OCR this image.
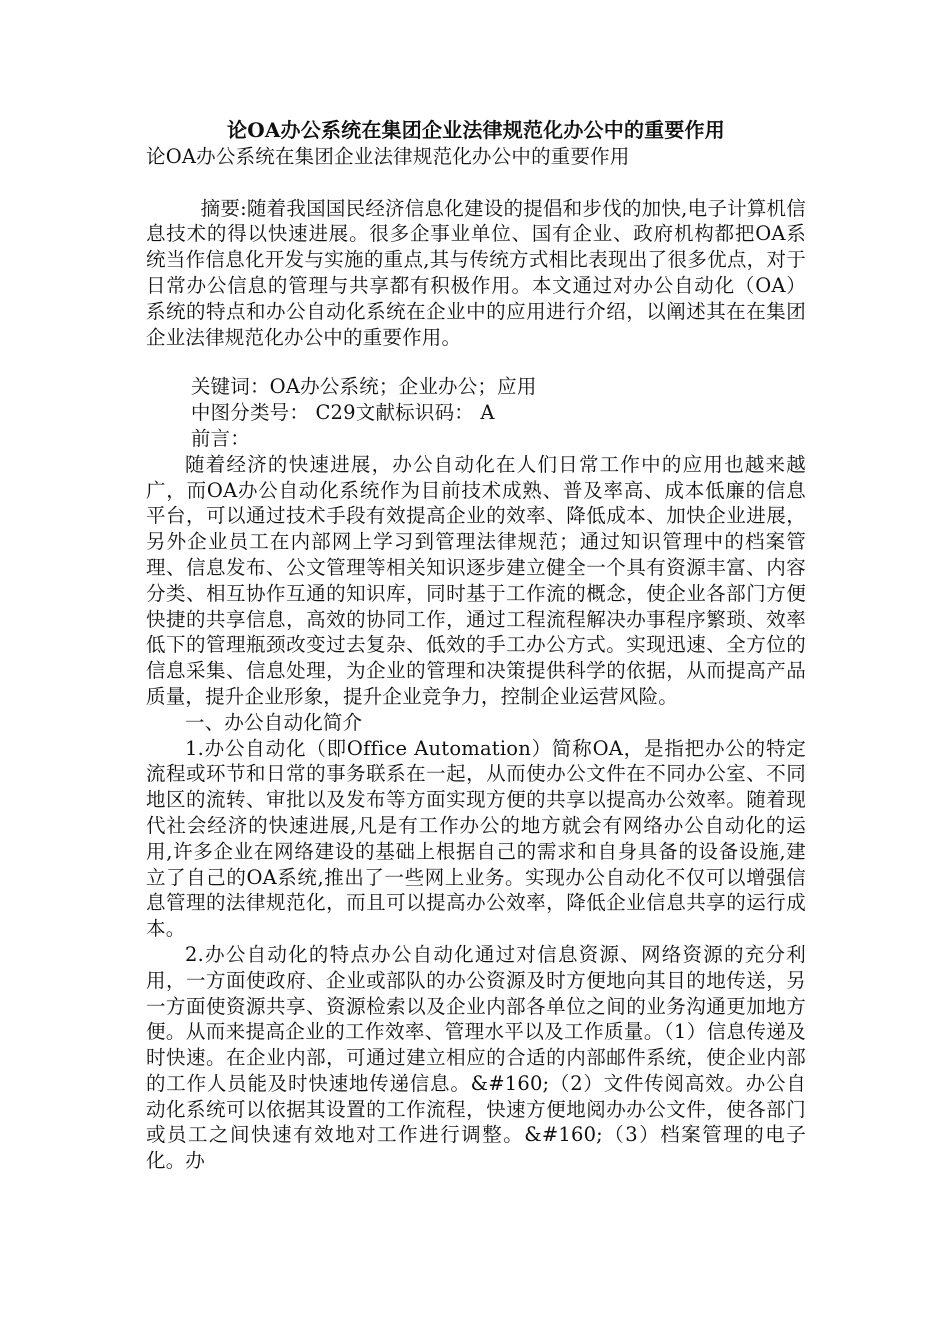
论OA办公系统在集团企业法律规范化办公中的重要作用

论OA办公系统在集团企业法律规范化办公中的重要作用

摘要:随着我国国民经济信息化建设的提倡和步伐的加快,电子计算机信息技术的得以快速进展。很多企事业单位、国有企业、政府机构都把OA系统当作信息化开发与实施的重点,其与传统方式相比表现出了很多优点，对于日常办公信息的管理与共享都有积极作用。本文通过对办公自动化（OA）系统的特点和办公自动化系统在企业中的应用进行介绍，以阐述其在在集团企业法律规范化办公中的重要作用。

关键词：OA办公系统；企业办公；应用

中图分类号： C29文献标识码： A

前言：

随着经济的快速进展，办公自动化在人们日常工作中的应用也越来越广，而OA办公自动化系统作为目前技术成熟、普及率高、成本低廉的信息平台，可以通过技术手段有效提高企业的效率、降低成本、加快企业进展，另外企业员工在内部网上学习到管理法律规范；通过知识管理中的档案管理、信息发布、公文管理等相关知识逐步建立健全一个具有资源丰富、内容分类、相互协作互通的知识库，同时基于工作流的概念，使企业各部门方便快捷的共享信息，高效的协同工作，通过工程流程解决办事程序繁琐、效率低下的管理瓶颈改变过去复杂、低效的手工办公方式。实现迅速、全方位的信息采集、信息处理，为企业的管理和决策提供科学的依据，从而提高产品质量，提升企业形象，提升企业竞争力，控制企业运营风险。

一、办公自动化简介

1.办公自动化（即Office Automation）简称OA，是指把办公的特定流程或环节和日常的事务联系在一起，从而使办公文件在不同办公室、不同地区的流转、审批以及发布等方面实现方便的共享以提高办公效率。随着现代社会经济的快速进展,凡是有工作办公的地方就会有网络办公自动化的运用,许多企业在网络建设的基础上根据自己的需求和自身具备的设备设施,建立了自己的OA系统,推出了一些网上业务。实现办公自动化不仅可以增强信息管理的法律规范化，而且可以提高办公效率，降低企业信息共享的运行成本。

2.办公自动化的特点办公自动化通过对信息资源、网络资源的充分利用，一方面使政府、企业或部队的办公资源及时方便地向其目的地传送，另一方面使资源共享、资源检索以及企业内部各单位之间的业务沟通更加地方便。从而来提高企业的工作效率、管理水平以及工作质量。（1）信息传递及时快速。在企业内部，可通过建立相应的合适的内部邮件系统，使企业内部的工作人员能及时快速地传递信息。&#160;（2）文件传阅高效。办公自动化系统可以依据其设置的工作流程，快速方便地阅办办公文件，使各部门或员工之间快速有效地对工作进行调整。&#160;（3）档案管理的电子化。办
